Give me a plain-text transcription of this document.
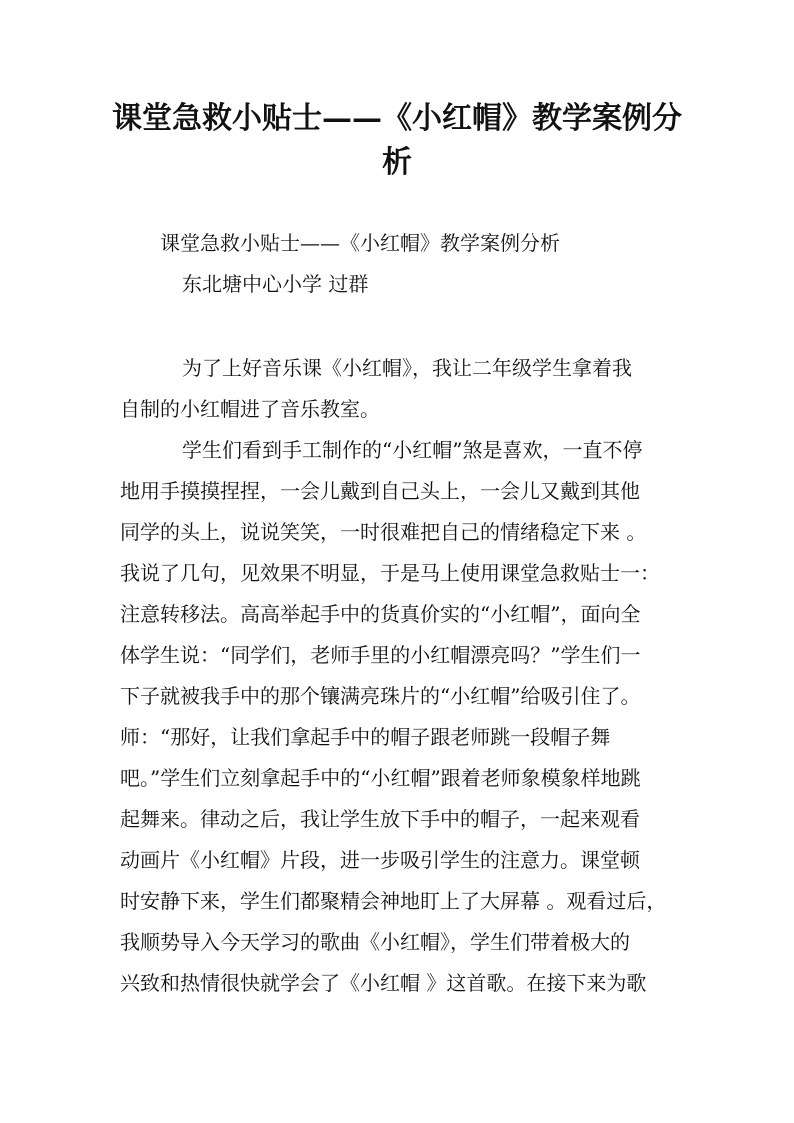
课堂急救小贴士——《小红帽》教学案例分
析

课堂急救小贴士——《小红帽》教学案例分析

东北塘中心小学 过群

为了上好音乐课《小红帽》，我让二年级学生拿着我

自制的小红帽进了音乐教室。

学生们看到手工制作的“小红帽”煞是喜欢，一直不停

地用手摸摸捏捏，一会儿戴到自己头上，一会儿又戴到其他

同学的头上，说说笑笑，一时很难把自己的情绪稳定下来 。

我说了几句，见效果不明显，于是马上使用课堂急救贴士一：

注意转移法。高高举起手中的货真价实的“小红帽”，面向全

体学生说：“同学们，老师手里的小红帽漂亮吗？”学生们一

下子就被我手中的那个镶满亮珠片的“小红帽”给吸引住了。

师：“那好，让我们拿起手中的帽子跟老师跳一段帽子舞

吧。”学生们立刻拿起手中的“小红帽”跟着老师象模象样地跳

起舞来。律动之后，我让学生放下手中的帽子，一起来观看

动画片《小红帽》片段，进一步吸引学生的注意力。课堂顿

时安静下来，学生们都聚精会神地盯上了大屏幕 。观看过后，

我顺势导入今天学习的歌曲《小红帽》，学生们带着极大的

兴致和热情很快就学会了《小红帽 》这首歌。在接下来为歌
